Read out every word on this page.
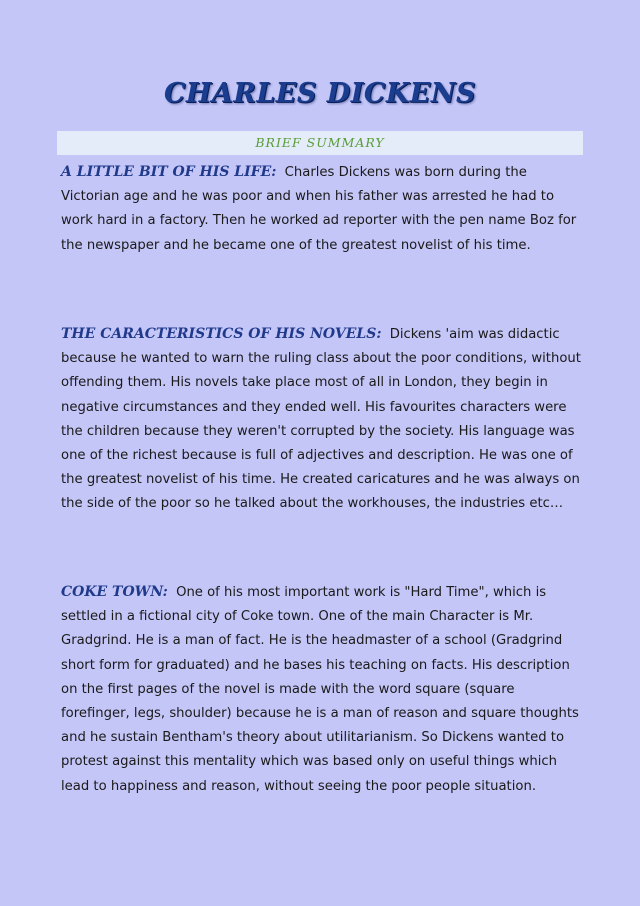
CHARLES DICKENS
BRIEF SUMMARY
A LITTLE BIT OF HIS LIFE: Charles Dickens was born during the Victorian age and he was poor and when his father was arrested he had to work hard in a factory. Then he worked ad reporter with the pen name Boz for the newspaper and he became one of the greatest novelist of his time.
THE CARACTERISTICS OF HIS NOVELS: Dickens 'aim was didactic because he wanted to warn the ruling class about the poor conditions, without offending them. His novels take place most of all in London, they begin in negative circumstances and they ended well. His favourites characters were the children because they weren't corrupted by the society. His language was one of the richest because is full of adjectives and description. He was one of the greatest novelist of his time. He created caricatures and he was always on the side of the poor so he talked about the workhouses, the industries etc…
COKE TOWN: One of his most important work is "Hard Time", which is settled in a fictional city of Coke town. One of the main Character is Mr. Gradgrind. He is a man of fact. He is the headmaster of a school (Gradgrind short form for graduated) and he bases his teaching on facts. His description on the first pages of the novel is made with the word square (square forefinger, legs, shoulder) because he is a man of reason and square thoughts and he sustain Bentham's theory about utilitarianism. So Dickens wanted to protest against this mentality which was based only on useful things which lead to happiness and reason, without seeing the poor people situation.
